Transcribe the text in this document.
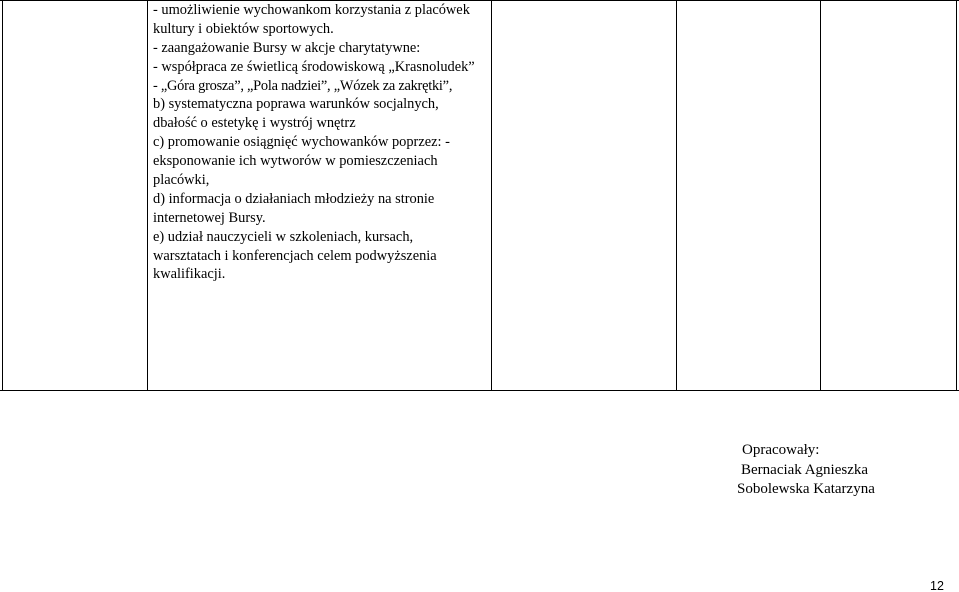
- umożliwienie wychowankom korzystania z placówek
kultury i obiektów sportowych.
- zaangażowanie Bursy w akcje charytatywne:
- współpraca ze świetlicą środowiskową „Krasnoludek”
- „Góra grosza”, „Pola nadziei”, „Wózek za zakrętki”,
b) systematyczna poprawa warunków socjalnych,
dbałość o estetykę i wystrój wnętrz
c) promowanie osiągnięć wychowanków poprzez: -
eksponowanie ich wytworów w pomieszczeniach
placówki,
d) informacja o działaniach młodzieży na stronie
internetowej Bursy.
e) udział nauczycieli w szkoleniach, kursach,
warsztatach i konferencjach celem podwyższenia
kwalifikacji.
Opracowały:
Bernaciak Agnieszka
Sobolewska Katarzyna
12
